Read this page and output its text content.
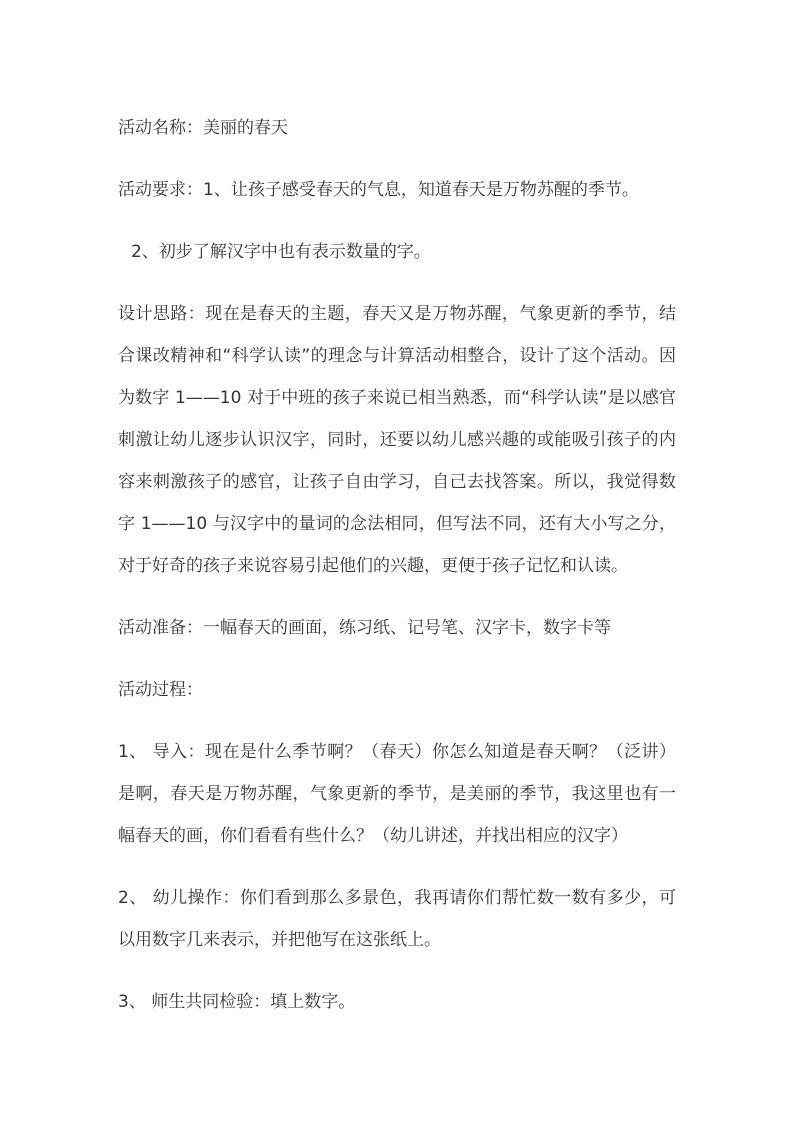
活动名称：美丽的春天

活动要求：1、让孩子感受春天的气息，知道春天是万物苏醒的季节。

2、初步了解汉字中也有表示数量的字。

设计思路：现在是春天的主题，春天又是万物苏醒，气象更新的季节，结合课改精神和“科学认读”的理念与计算活动相整合，设计了这个活动。因为数字 1——10 对于中班的孩子来说已相当熟悉，而“科学认读”是以感官刺激让幼儿逐步认识汉字，同时，还要以幼儿感兴趣的或能吸引孩子的内容来刺激孩子的感官，让孩子自由学习，自己去找答案。所以，我觉得数字 1——10 与汉字中的量词的念法相同，但写法不同，还有大小写之分，对于好奇的孩子来说容易引起他们的兴趣，更便于孩子记忆和认读。

活动准备：一幅春天的画面，练习纸、记号笔、汉字卡，数字卡等

活动过程：

1、 导入：现在是什么季节啊？（春天）你怎么知道是春天啊？（泛讲）是啊，春天是万物苏醒，气象更新的季节，是美丽的季节，我这里也有一幅春天的画，你们看看有些什么？（幼儿讲述，并找出相应的汉字）

2、 幼儿操作：你们看到那么多景色，我再请你们帮忙数一数有多少，可以用数字几来表示，并把他写在这张纸上。

3、 师生共同检验：填上数字。
